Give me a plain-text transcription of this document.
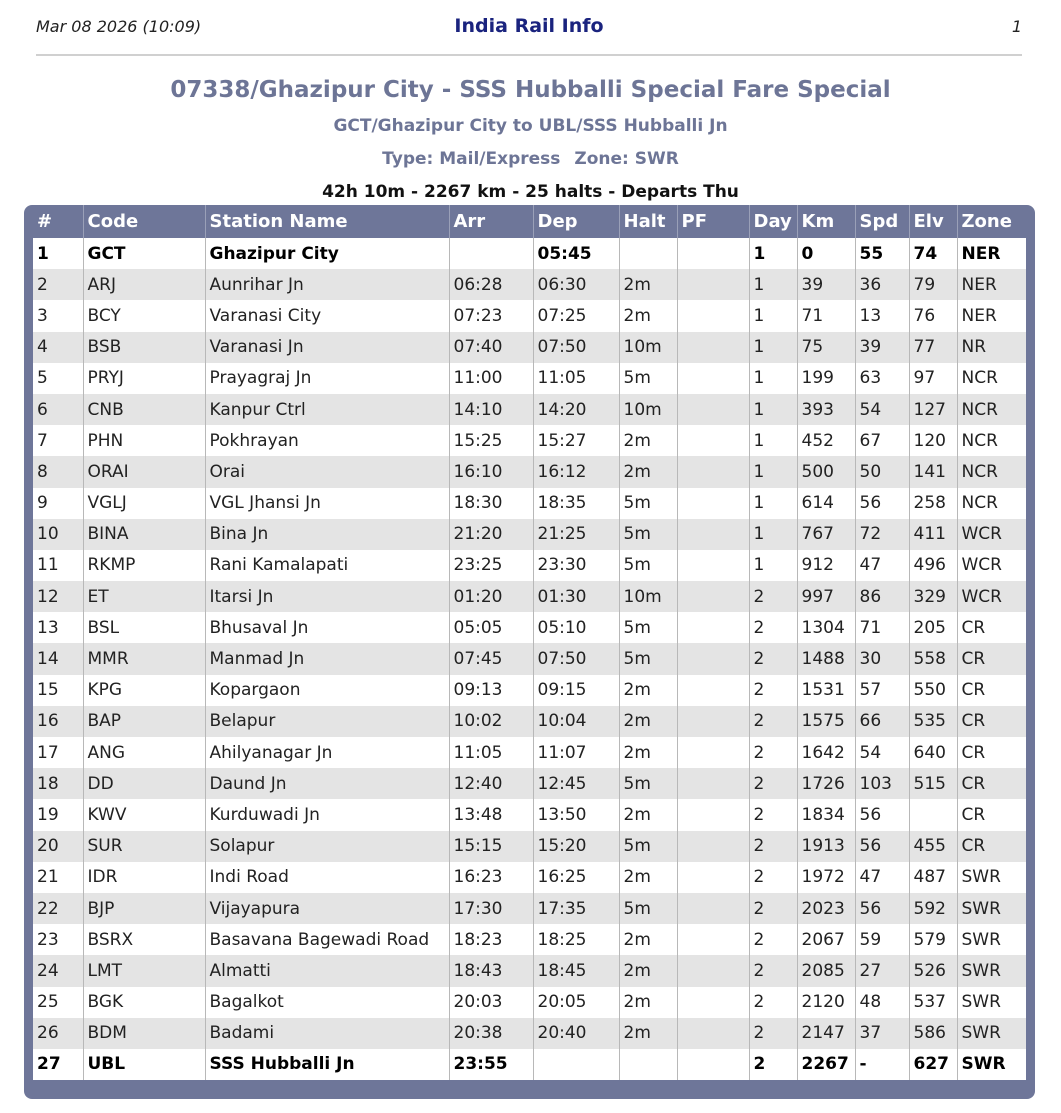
Mar 08 2026 (10:09)	India Rail Info	1
07338/Ghazipur City - SSS Hubballi Special Fare Special
GCT/Ghazipur City to UBL/SSS Hubballi Jn
Type: Mail/Express Zone: SWR
42h 10m - 2267 km - 25 halts - Departs Thu
#	Code	Station Name	Arr	Dep	Halt	PF	Day	Km	Spd	Elv	Zone
1	GCT	Ghazipur City		05:45			1	0	55	74	NER
2	ARJ	Aunrihar Jn	06:28	06:30	2m		1	39	36	79	NER
3	BCY	Varanasi City	07:23	07:25	2m		1	71	13	76	NER
4	BSB	Varanasi Jn	07:40	07:50	10m		1	75	39	77	NR
5	PRYJ	Prayagraj Jn	11:00	11:05	5m		1	199	63	97	NCR
6	CNB	Kanpur Ctrl	14:10	14:20	10m		1	393	54	127	NCR
7	PHN	Pokhrayan	15:25	15:27	2m		1	452	67	120	NCR
8	ORAI	Orai	16:10	16:12	2m		1	500	50	141	NCR
9	VGLJ	VGL Jhansi Jn	18:30	18:35	5m		1	614	56	258	NCR
10	BINA	Bina Jn	21:20	21:25	5m		1	767	72	411	WCR
11	RKMP	Rani Kamalapati	23:25	23:30	5m		1	912	47	496	WCR
12	ET	Itarsi Jn	01:20	01:30	10m		2	997	86	329	WCR
13	BSL	Bhusaval Jn	05:05	05:10	5m		2	1304	71	205	CR
14	MMR	Manmad Jn	07:45	07:50	5m		2	1488	30	558	CR
15	KPG	Kopargaon	09:13	09:15	2m		2	1531	57	550	CR
16	BAP	Belapur	10:02	10:04	2m		2	1575	66	535	CR
17	ANG	Ahilyanagar Jn	11:05	11:07	2m		2	1642	54	640	CR
18	DD	Daund Jn	12:40	12:45	5m		2	1726	103	515	CR
19	KWV	Kurduwadi Jn	13:48	13:50	2m		2	1834	56		CR
20	SUR	Solapur	15:15	15:20	5m		2	1913	56	455	CR
21	IDR	Indi Road	16:23	16:25	2m		2	1972	47	487	SWR
22	BJP	Vijayapura	17:30	17:35	5m		2	2023	56	592	SWR
23	BSRX	Basavana Bagewadi Road	18:23	18:25	2m		2	2067	59	579	SWR
24	LMT	Almatti	18:43	18:45	2m		2	2085	27	526	SWR
25	BGK	Bagalkot	20:03	20:05	2m		2	2120	48	537	SWR
26	BDM	Badami	20:38	20:40	2m		2	2147	37	586	SWR
27	UBL	SSS Hubballi Jn	23:55				2	2267	-	627	SWR
